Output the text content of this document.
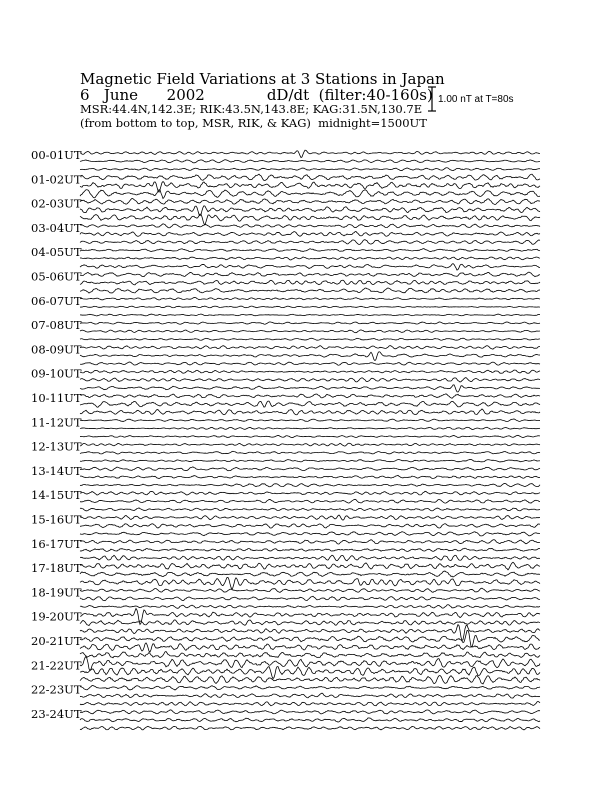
Magnetic Field Variations at 3 Stations in Japan
6   June      2002             dD/dt  (filter:40-160s)
MSR:44.4N,142.3E; RIK:43.5N,143.8E; KAG:31.5N,130.7E
(from bottom to top, MSR, RIK, & KAG)  midnight=1500UT
1.00 nT at T=80s
00-01UT
01-02UT
02-03UT
03-04UT
04-05UT
05-06UT
06-07UT
07-08UT
08-09UT
09-10UT
10-11UT
11-12UT
12-13UT
13-14UT
14-15UT
15-16UT
16-17UT
17-18UT
18-19UT
19-20UT
20-21UT
21-22UT
22-23UT
23-24UT
